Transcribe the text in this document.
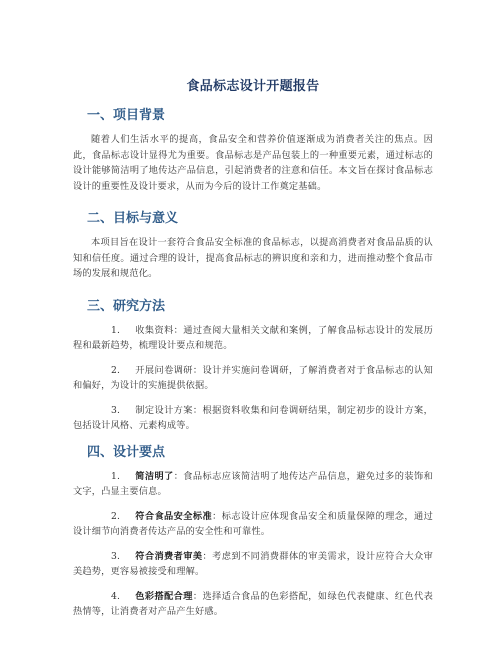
食品标志设计开题报告
一、项目背景

随着人们生活水平的提高，食品安全和营养价值逐渐成为消费者关注的焦点。因此，食品标志设计显得尤为重要。食品标志是产品包装上的一种重要元素，通过标志的设计能够简洁明了地传达产品信息，引起消费者的注意和信任。本文旨在探讨食品标志设计的重要性及设计要求，从而为今后的设计工作奠定基础。

二、目标与意义

本项目旨在设计一套符合食品安全标准的食品标志，以提高消费者对食品品质的认知和信任度。通过合理的设计，提高食品标志的辨识度和亲和力，进而推动整个食品市场的发展和规范化。

三、研究方法

1. 收集资料：通过查阅大量相关文献和案例，了解食品标志设计的发展历程和最新趋势，梳理设计要点和规范。

2. 开展问卷调研：设计并实施问卷调研，了解消费者对于食品标志的认知和偏好，为设计的实施提供依据。

3. 制定设计方案：根据资料收集和问卷调研结果，制定初步的设计方案，包括设计风格、元素构成等。

四、设计要点

1. 简洁明了：食品标志应该简洁明了地传达产品信息，避免过多的装饰和文字，凸显主要信息。

2. 符合食品安全标准：标志设计应体现食品安全和质量保障的理念，通过设计细节向消费者传达产品的安全性和可靠性。

3. 符合消费者审美：考虑到不同消费群体的审美需求，设计应符合大众审美趋势，更容易被接受和理解。

4. 色彩搭配合理：选择适合食品的色彩搭配，如绿色代表健康、红色代表热情等，让消费者对产品产生好感。
